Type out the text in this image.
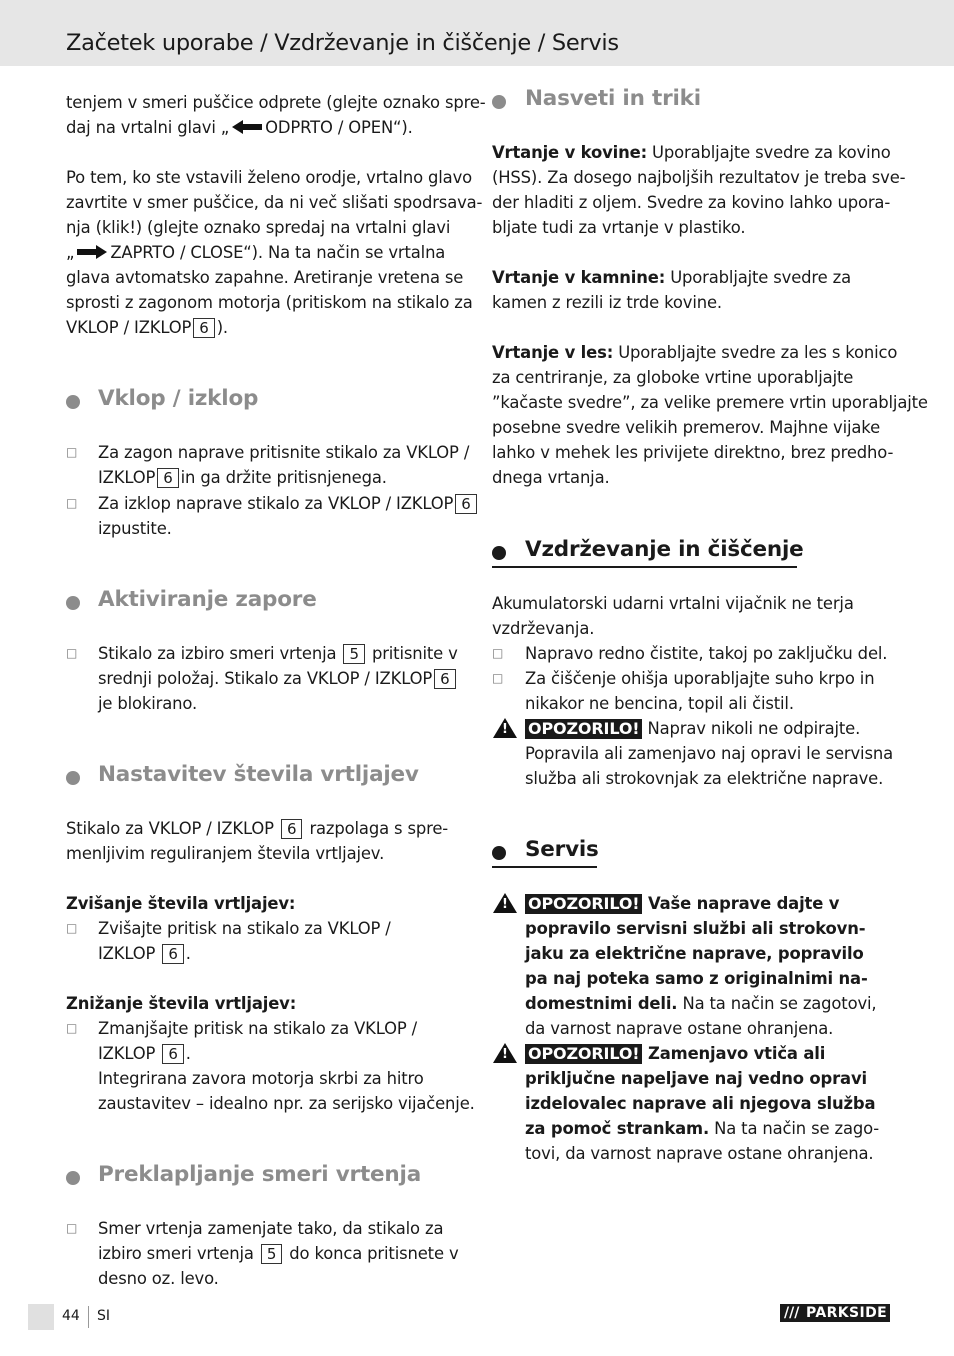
Začetek uporabe / Vzdrževanje in čiščenje / Servis
tenjem v smeri puščice odprete (glejte oznako spre-
daj na vrtalni glavi „ ODPRTO / OPEN“).
Po tem, ko ste vstavili želeno orodje, vrtalno glavo
zavrtite v smer puščice, da ni več slišati spodrsava-
nja (klik!) (glejte oznako spredaj na vrtalni glavi
„ ZAPRTO / CLOSE“). Na ta način se vrtalna
glava avtomatsko zapahne. Aretiranje vretena se
sprosti z zagonom motorja (pritiskom na stikalo za
VKLOP / IZKLOP 6 ).
Vklop / izklop
□ Za zagon naprave pritisnite stikalo za VKLOP /
IZKLOP 6 in ga držite pritisnjenega.
□ Za izklop naprave stikalo za VKLOP / IZKLOP 6
izpustite.
Aktiviranje zapore
□ Stikalo za izbiro smeri vrtenja 5 pritisnite v
srednji položaj. Stikalo za VKLOP / IZKLOP 6
je blokirano.
Nastavitev števila vrtljajev
Stikalo za VKLOP / IZKLOP 6 razpolaga s spre-
menljivim reguliranjem števila vrtljajev.
Zvišanje števila vrtljajev:
□ Zvišajte pritisk na stikalo za VKLOP /
IZKLOP 6 .
Znižanje števila vrtljajev:
□ Zmanjšajte pritisk na stikalo za VKLOP /
IZKLOP 6 .
Integrirana zavora motorja skrbi za hitro
zaustavitev – idealno npr. za serijsko vijačenje.
Preklapljanje smeri vrtenja
□ Smer vrtenja zamenjate tako, da stikalo za
izbiro smeri vrtenja 5 do konca pritisnete v
desno oz. levo.
Nasveti in triki
Vrtanje v kovine: Uporabljajte svedre za kovino
(HSS). Za dosego najboljših rezultatov je treba sve-
der hladiti z oljem. Svedre za kovino lahko upora-
bljate tudi za vrtanje v plastiko.
Vrtanje v kamnine: Uporabljajte svedre za
kamen z rezili iz trde kovine.
Vrtanje v les: Uporabljajte svedre za les s konico
za centriranje, za globoke vrtine uporabljajte
”kačaste svedre”, za velike premere vrtin uporabljajte
posebne svedre velikih premerov. Majhne vijake
lahko v mehek les privijete direktno, brez predho-
dnega vrtanja.
Vzdrževanje in čiščenje
Akumulatorski udarni vrtalni vijačnik ne terja
vzdrževanja.
□ Napravo redno čistite, takoj po zaključku del.
□ Za čiščenje ohišja uporabljajte suho krpo in
nikakor ne bencina, topil ali čistil.
! OPOZORILO! Naprav nikoli ne odpirajte.
Popravila ali zamenjavo naj opravi le servisna
služba ali strokovnjak za električne naprave.
Servis
! OPOZORILO! Vaše naprave dajte v
popravilo servisni službi ali strokovn-
jaku za električne naprave, popravilo
pa naj poteka samo z originalnimi na-
domestnimi deli. Na ta način se zagotovi,
da varnost naprave ostane ohranjena.
! OPOZORILO! Zamenjavo vtiča ali
priključne napeljave naj vedno opravi
izdelovalec naprave ali njegova služba
za pomoč strankam. Na ta način se zago-
tovi, da varnost naprave ostane ohranjena.
44 SI	/// PARKSIDE
